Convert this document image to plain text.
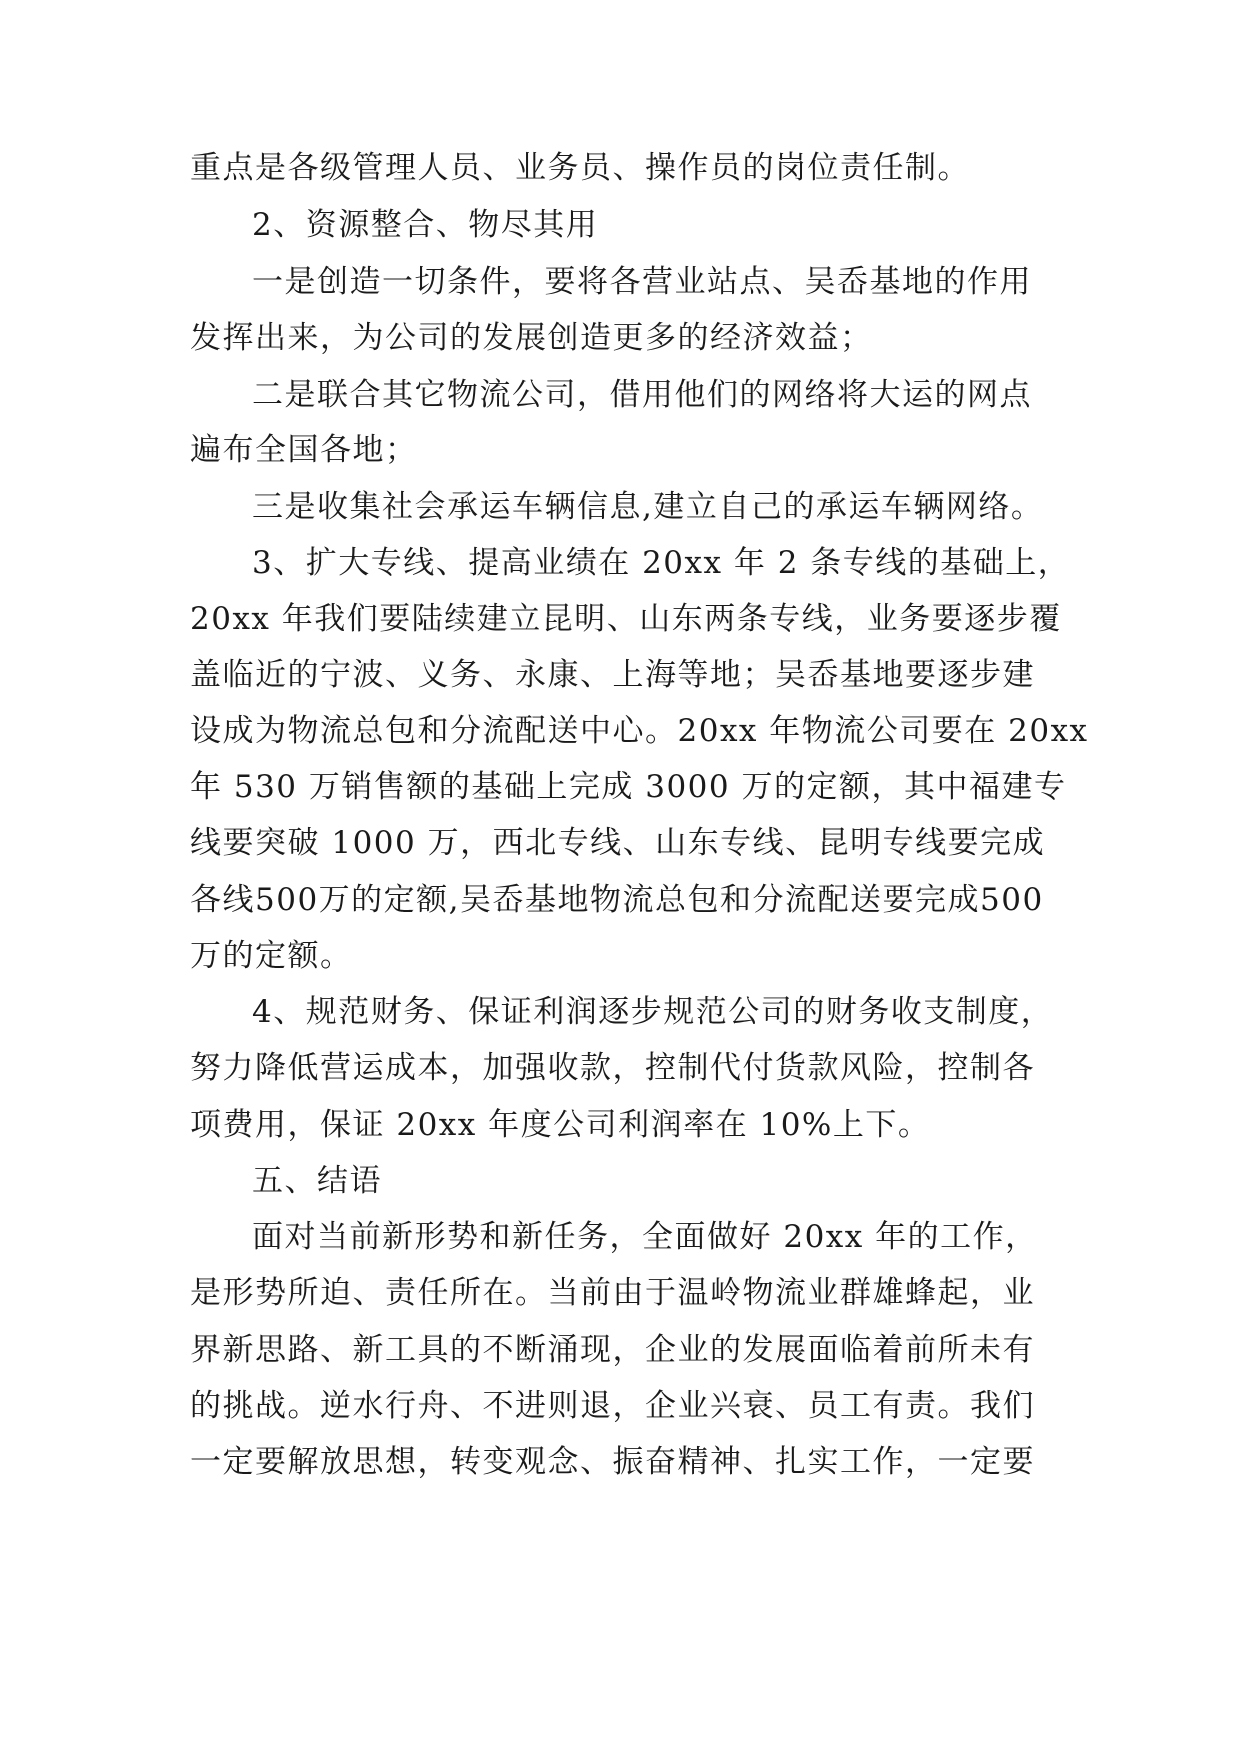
重点是各级管理人员、业务员、操作员的岗位责任制。
2、资源整合、物尽其用
一是创造一切条件，要将各营业站点、吴岙基地的作用
发挥出来，为公司的发展创造更多的经济效益；
二是联合其它物流公司，借用他们的网络将大运的网点
遍布全国各地；
三是收集社会承运车辆信息,建立自己的承运车辆网络。
3、扩大专线、提高业绩在 20xx 年 2 条专线的基础上，
20xx 年我们要陆续建立昆明、山东两条专线，业务要逐步覆
盖临近的宁波、义务、永康、上海等地；吴岙基地要逐步建
设成为物流总包和分流配送中心。20xx 年物流公司要在 20xx
年 530 万销售额的基础上完成 3000 万的定额，其中福建专
线要突破 1000 万，西北专线、山东专线、昆明专线要完成
各线500万的定额,吴岙基地物流总包和分流配送要完成500
万的定额。
4、规范财务、保证利润逐步规范公司的财务收支制度，
努力降低营运成本，加强收款，控制代付货款风险，控制各
项费用，保证 20xx 年度公司利润率在 10%上下。
五、结语
面对当前新形势和新任务，全面做好 20xx 年的工作，
是形势所迫、责任所在。当前由于温岭物流业群雄蜂起，业
界新思路、新工具的不断涌现，企业的发展面临着前所未有
的挑战。逆水行舟、不进则退，企业兴衰、员工有责。我们
一定要解放思想，转变观念、振奋精神、扎实工作，一定要
